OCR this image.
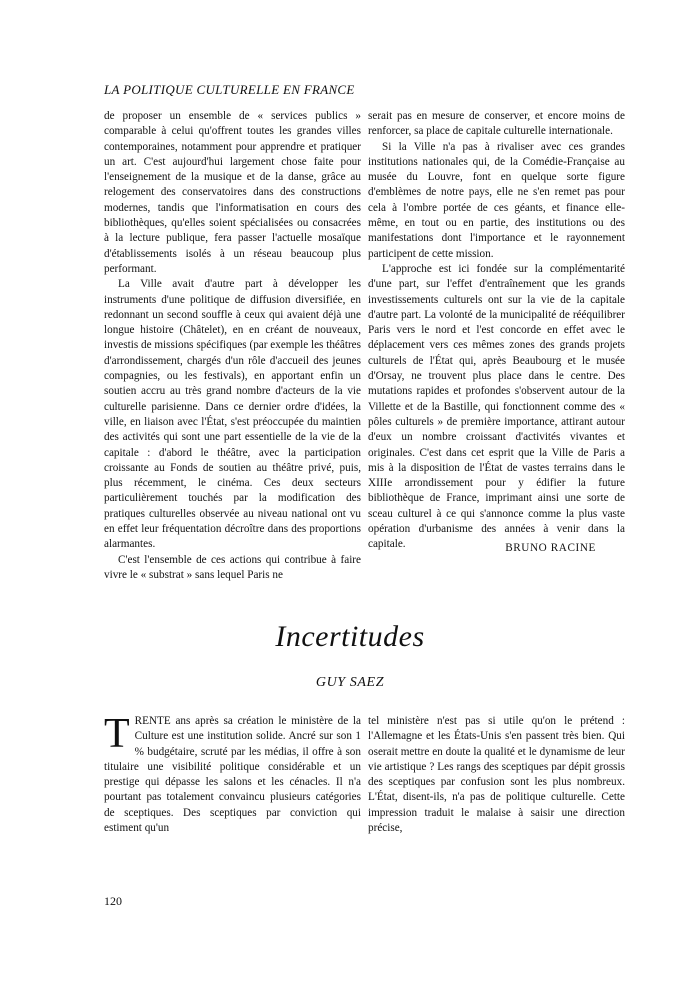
LA POLITIQUE CULTURELLE EN FRANCE

de proposer un ensemble de « services publics » comparable à celui qu'offrent toutes les grandes villes contemporaines, notamment pour apprendre et pratiquer un art. C'est aujourd'hui largement chose faite pour l'enseignement de la musique et de la danse, grâce au relogement des conservatoires dans des constructions modernes, tandis que l'informatisation en cours des bibliothèques, qu'elles soient spécialisées ou consacrées à la lecture publique, fera passer l'actuelle mosaïque d'établissements isolés à un réseau beaucoup plus performant.

La Ville avait d'autre part à développer les instruments d'une politique de diffusion diversifiée, en redonnant un second souffle à ceux qui avaient déjà une longue histoire (Châtelet), en en créant de nouveaux, investis de missions spécifiques (par exemple les théâtres d'arrondissement, chargés d'un rôle d'accueil des jeunes compagnies, ou les festivals), en apportant enfin un soutien accru au très grand nombre d'acteurs de la vie culturelle parisienne. Dans ce dernier ordre d'idées, la ville, en liaison avec l'État, s'est préoccupée du maintien des activités qui sont une part essentielle de la vie de la capitale : d'abord le théâtre, avec la participation croissante au Fonds de soutien au théâtre privé, puis, plus récemment, le cinéma. Ces deux secteurs particulièrement touchés par la modification des pratiques culturelles observée au niveau national ont vu en effet leur fréquentation décroître dans des proportions alarmantes.

C'est l'ensemble de ces actions qui contribue à faire vivre le « substrat » sans lequel Paris ne

serait pas en mesure de conserver, et encore moins de renforcer, sa place de capitale culturelle internationale.

Si la Ville n'a pas à rivaliser avec ces grandes institutions nationales qui, de la Comédie-Française au musée du Louvre, font en quelque sorte figure d'emblèmes de notre pays, elle ne s'en remet pas pour cela à l'ombre portée de ces géants, et finance elle-même, en tout ou en partie, des institutions ou des manifestations dont l'importance et le rayonnement participent de cette mission.

L'approche est ici fondée sur la complémentarité d'une part, sur l'effet d'entraînement que les grands investissements culturels ont sur la vie de la capitale d'autre part. La volonté de la municipalité de rééquilibrer Paris vers le nord et l'est concorde en effet avec le déplacement vers ces mêmes zones des grands projets culturels de l'État qui, après Beaubourg et le musée d'Orsay, ne trouvent plus place dans le centre. Des mutations rapides et profondes s'observent autour de la Villette et de la Bastille, qui fonctionnent comme des « pôles culturels » de première importance, attirant autour d'eux un nombre croissant d'activités vivantes et originales. C'est dans cet esprit que la Ville de Paris a mis à la disposition de l'État de vastes terrains dans le XIIIe arrondissement pour y édifier la future bibliothèque de France, imprimant ainsi une sorte de sceau culturel à ce qui s'annonce comme la plus vaste opération d'urbanisme des années à venir dans la capitale.	BRUNO RACINE
Incertitudes
GUY SAEZ

TRENTE ans après sa création le ministère de la Culture est une institution solide. Ancré sur son 1 % budgétaire, scruté par les médias, il offre à son titulaire une visibilité politique considérable et un prestige qui dépasse les salons et les cénacles. Il n'a pourtant pas totalement convaincu plusieurs catégories de sceptiques. Des sceptiques par conviction qui estiment qu'un

tel ministère n'est pas si utile qu'on le prétend : l'Allemagne et les États-Unis s'en passent très bien. Qui oserait mettre en doute la qualité et le dynamisme de leur vie artistique ? Les rangs des sceptiques par dépit grossis des sceptiques par confusion sont les plus nombreux. L'État, disent-ils, n'a pas de politique culturelle. Cette impression traduit le malaise à saisir une direction précise,

120
